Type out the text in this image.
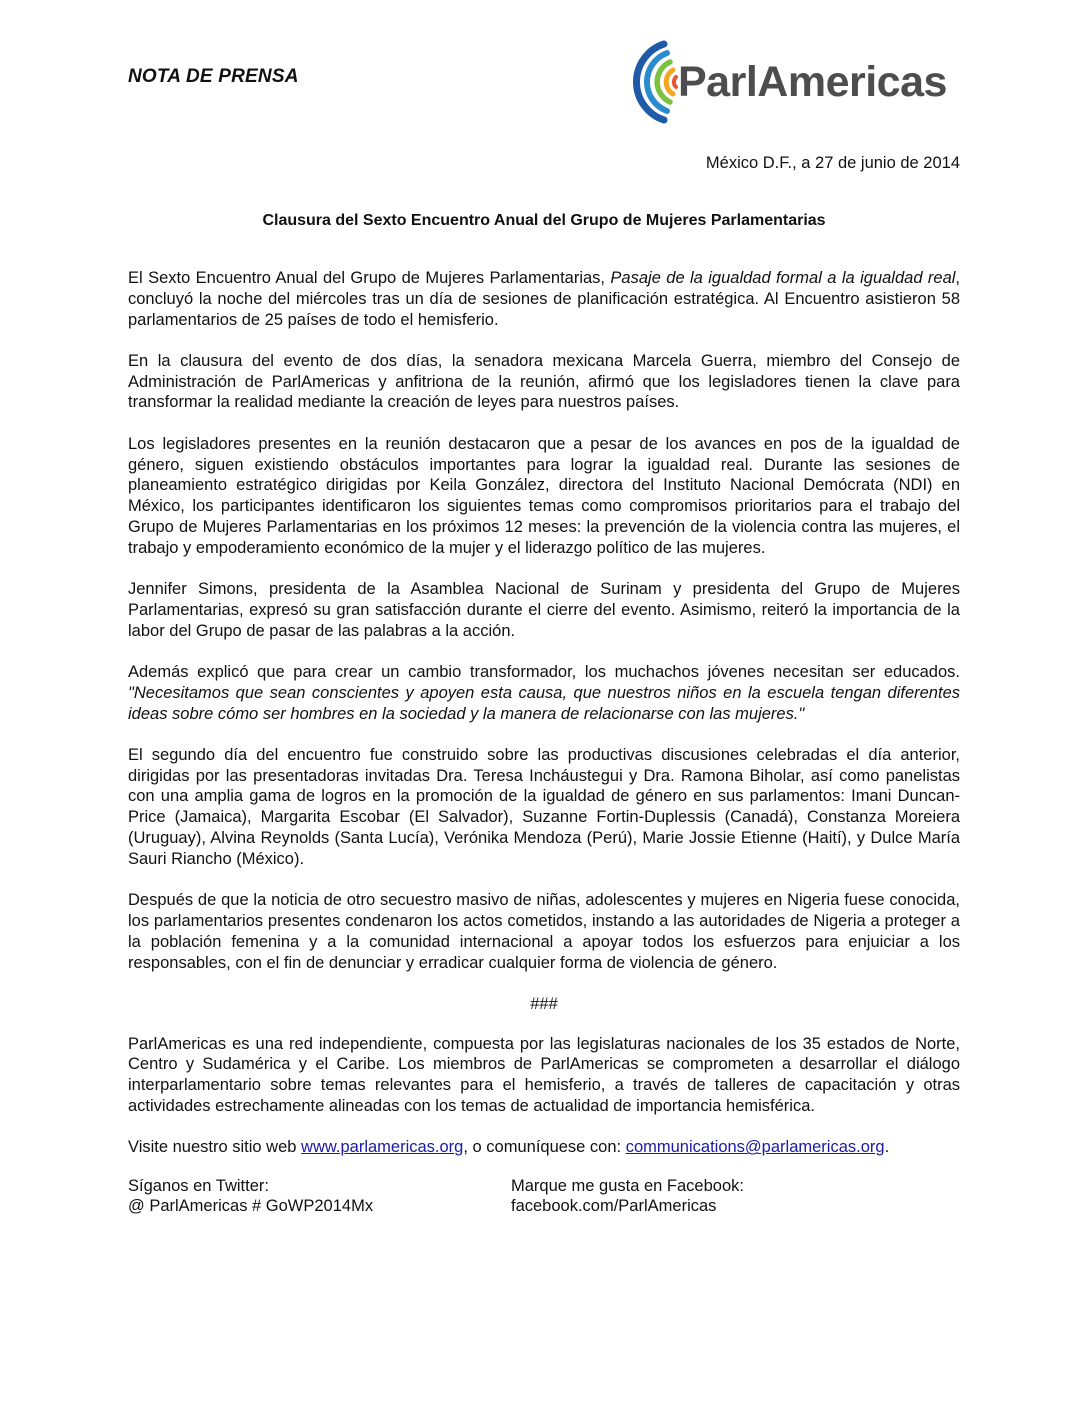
NOTA DE PRENSA	ParlAmericas
México D.F., a 27 de junio de 2014
Clausura del Sexto Encuentro Anual del Grupo de Mujeres Parlamentarias

El Sexto Encuentro Anual del Grupo de Mujeres Parlamentarias, Pasaje de la igualdad formal a la igualdad real, concluyó la noche del miércoles tras un día de sesiones de planificación estratégica. Al Encuentro asistieron 58 parlamentarios de 25 países de todo el hemisferio.

En la clausura del evento de dos días, la senadora mexicana Marcela Guerra, miembro del Consejo de Administración de ParlAmericas y anfitriona de la reunión, afirmó que los legisladores tienen la clave para transformar la realidad mediante la creación de leyes para nuestros países.

Los legisladores presentes en la reunión destacaron que a pesar de los avances en pos de la igualdad de género, siguen existiendo obstáculos importantes para lograr la igualdad real. Durante las sesiones de planeamiento estratégico dirigidas por Keila González, directora del Instituto Nacional Demócrata (NDI) en México, los participantes identificaron los siguientes temas como compromisos prioritarios para el trabajo del Grupo de Mujeres Parlamentarias en los próximos 12 meses: la prevención de la violencia contra las mujeres, el trabajo y empoderamiento económico de la mujer y el liderazgo político de las mujeres.

Jennifer Simons, presidenta de la Asamblea Nacional de Surinam y presidenta del Grupo de Mujeres Parlamentarias, expresó su gran satisfacción durante el cierre del evento. Asimismo, reiteró la importancia de la labor del Grupo de pasar de las palabras a la acción.

Además explicó que para crear un cambio transformador, los muchachos jóvenes necesitan ser educados. "Necesitamos que sean conscientes y apoyen esta causa, que nuestros niños en la escuela tengan diferentes ideas sobre cómo ser hombres en la sociedad y la manera de relacionarse con las mujeres."

El segundo día del encuentro fue construido sobre las productivas discusiones celebradas el día anterior, dirigidas por las presentadoras invitadas Dra. Teresa Incháustegui y Dra. Ramona Biholar, así como panelistas con una amplia gama de logros en la promoción de la igualdad de género en sus parlamentos: Imani Duncan-Price (Jamaica), Margarita Escobar (El Salvador), Suzanne Fortin-Duplessis (Canadá), Constanza Moreiera (Uruguay), Alvina Reynolds (Santa Lucía), Verónika Mendoza (Perú), Marie Jossie Etienne (Haití), y Dulce María Sauri Riancho (México).

Después de que la noticia de otro secuestro masivo de niñas, adolescentes y mujeres en Nigeria fuese conocida, los parlamentarios presentes condenaron los actos cometidos, instando a las autoridades de Nigeria a proteger a la población femenina y a la comunidad internacional a apoyar todos los esfuerzos para enjuiciar a los responsables, con el fin de denunciar y erradicar cualquier forma de violencia de género.

###

ParlAmericas es una red independiente, compuesta por las legislaturas nacionales de los 35 estados de Norte, Centro y Sudamérica y el Caribe. Los miembros de ParlAmericas se comprometen a desarrollar el diálogo interparlamentario sobre temas relevantes para el hemisferio, a través de talleres de capacitación y otras actividades estrechamente alineadas con los temas de actualidad de importancia hemisférica.

Visite nuestro sitio web www.parlamericas.org, o comuníquese con: communications@parlamericas.org.

Síganos en Twitter:
@ ParlAmericas # GoWP2014Mx
Marque me gusta en Facebook:
facebook.com/ParlAmericas
